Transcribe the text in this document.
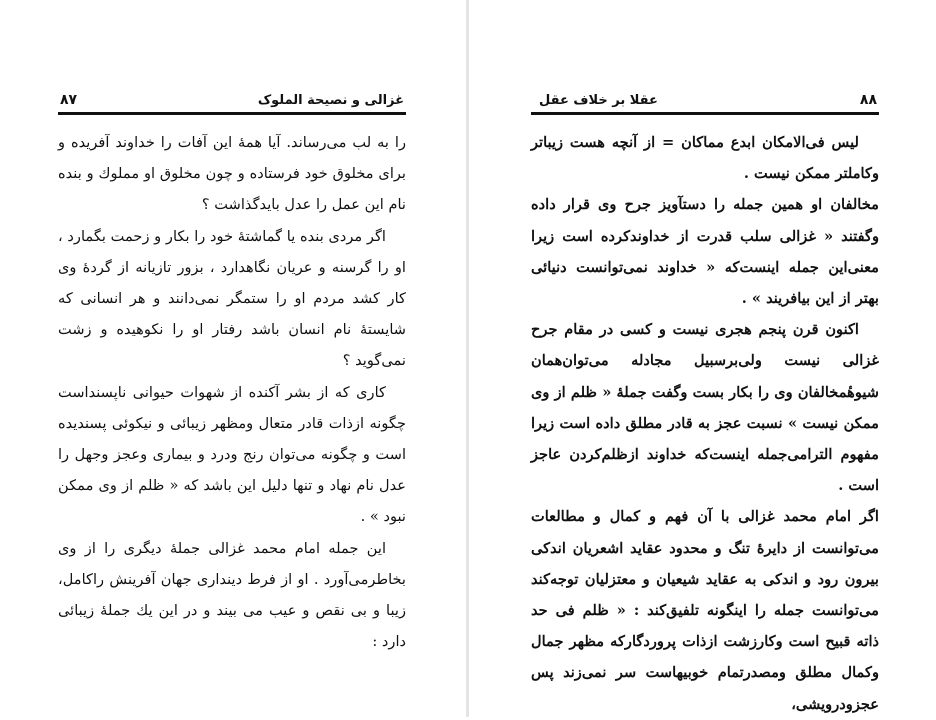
۸۷	غزالی و نصیحة الملوک

را به لب می‌رساند. آیا همهٔ این آفات را خداوند آفریده و برای مخلوق خود فرستاده و چون مخلوق او مملوك و بنده نام این عمل را عدل باید‌گذاشت ؟

اگر مردی بنده یا گماشتهٔ خود را بکار و زحمت بگمارد ، او را گرسنه و عریان نگاهدارد ، بزور تازیانه از گردهٔ وی کار کشد مردم او را ستمگر نمی‌دانند و هر انسانی که شایستهٔ نام انسان باشد رفتار او را نکوهیده و زشت نمی‌گوید ؟

کاری که از بشر آکنده از شهوات حیوانی ناپسنداست چگونه ازذات قادر متعال ومظهر زیبائی و نیکوئی پسندیده است و چگونه می‌توان رنج ودرد و بیماری وعجز وجهل را عدل نام نهاد و تنها دلیل این باشد که « ظلم از وی ممکن نبود » .

این جمله امام محمد غزالی جملهٔ دیگری را از وی بخاطرمی‌آورد . او از فرط دینداری جهان آفرینش راکامل، زیبا و بی نقص و عیب می بیند و در این یك جملهٔ زیبائی دارد :

۸۸
عقلا بر خلاف عقل

لیس فی‌الامکان ابدع مماکان = از آنچه هست زیباتر وکاملتر ممکن نیست .

مخالفان او همین جمله را دستآویز جرح وی قرار داده وگفتند « غزالی سلب قدرت از خداوندکرده است زیرا معنی‌این جمله اینست‌که « خداوند نمی‌توانست دنیائی بهتر از این بیافریند » .

اکنون قرن پنجم هجری نیست و کسی در مقام جرح غزالی نیست ولی‌برسبیل مجادله می‌توان‌همان شیوهٔمخالفان وی را بکار بست وگفت جملهٔ « ظلم از وی ممکن نیست » نسبت عجز به قادر مطلق داده است زیرا مفهوم الترامی‌جمله اینست‌که خداوند ازظلم‌کردن عاجز است .

اگر امام محمد غزالی با آن فهم و کمال و مطالعات می‌توانست از دایرهٔ تنگ و محدود عقاید اشعریان اندکی بیرون رود و اندکی به عقاید شیعیان و معتزلیان توجه‌کند می‌توانست جمله را اینگونه تلفیق‌کند : « ظلم فی حد ذاته قبیح است وکارزشت ازذات پروردگارکه مظهر جمال وکمال مطلق ومصدرتمام خوبیهاست سر نمی‌زند پس عجزودرویشی،
